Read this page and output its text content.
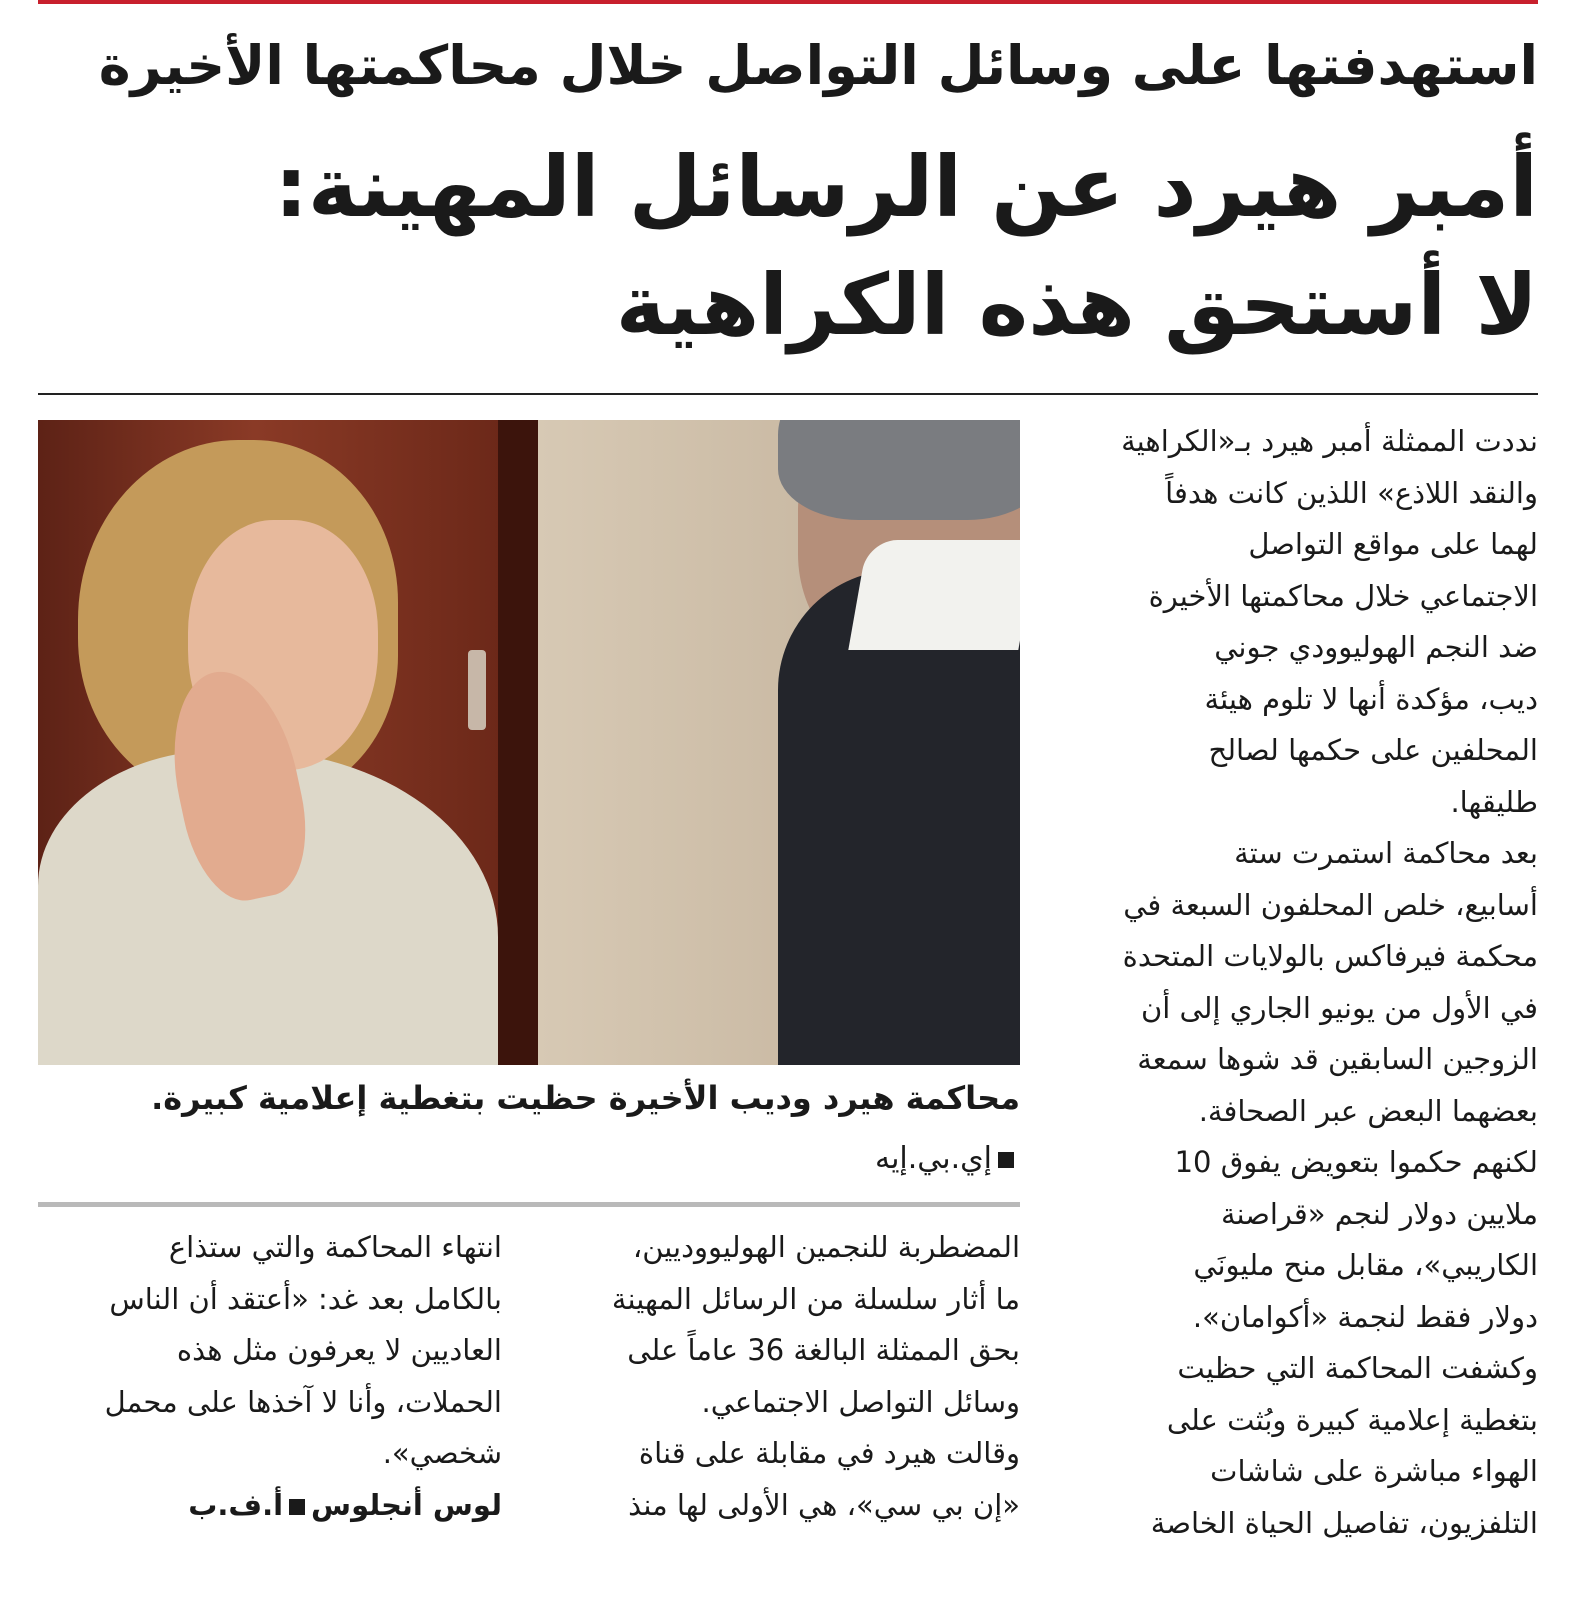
استهدفتها على وسائل التواصل خلال محاكمتها الأخيرة
أمبر هيرد عن الرسائل المهينة:
لا أستحق هذه الكراهية
محاكمة هيرد وديب الأخيرة حظيت بتغطية إعلامية كبيرة.
إي.بي.إيه

نددت الممثلة أمبر هيرد بـ«الكراهية

والنقد اللاذع» اللذين كانت هدفاً

لهما على مواقع التواصل

الاجتماعي خلال محاكمتها الأخيرة

ضد النجم الهوليوودي جوني

ديب، مؤكدة أنها لا تلوم هيئة

المحلفين على حكمها لصالح

طليقها.

بعد محاكمة استمرت ستة

أسابيع، خلص المحلفون السبعة في

محكمة فيرفاكس بالولايات المتحدة

في الأول من يونيو الجاري إلى أن

الزوجين السابقين قد شوها سمعة

بعضهما البعض عبر الصحافة.

لكنهم حكموا بتعويض يفوق 10

ملايين دولار لنجم «قراصنة

الكاريبي»، مقابل منح مليونَي

دولار فقط لنجمة «أكوامان».

وكشفت المحاكمة التي حظيت

بتغطية إعلامية كبيرة وبُثت على

الهواء مباشرة على شاشات

التلفزيون، تفاصيل الحياة الخاصة

المضطربة للنجمين الهوليووديين،

ما أثار سلسلة من الرسائل المهينة

بحق الممثلة البالغة 36 عاماً على

وسائل التواصل الاجتماعي.

وقالت هيرد في مقابلة على قناة

«إن بي سي»، هي الأولى لها منذ

انتهاء المحاكمة والتي ستذاع

بالكامل بعد غد: «أعتقد أن الناس

العاديين لا يعرفون مثل هذه

الحملات، وأنا لا آخذها على محمل

شخصي».

لوس أنجلوسأ.ف.ب
